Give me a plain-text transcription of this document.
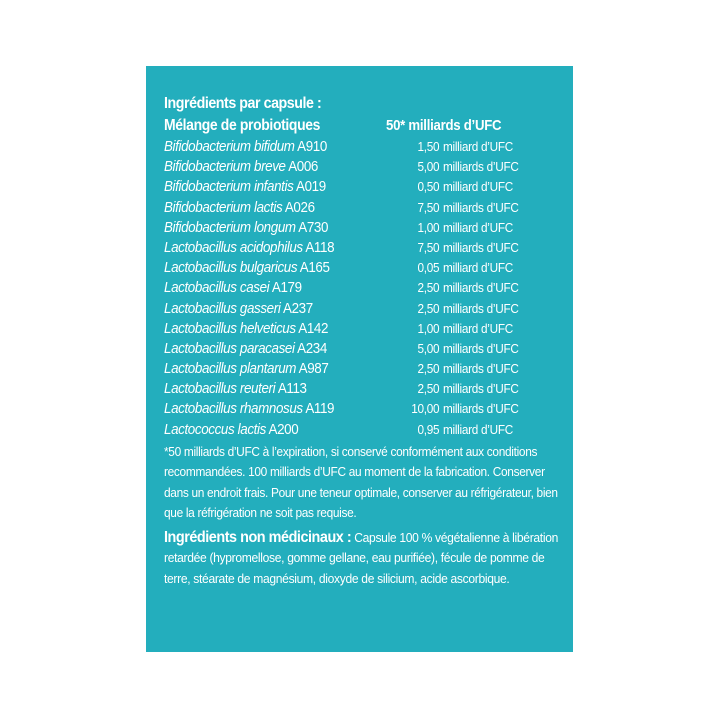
Ingrédients par capsule :
Mélange de probiotiques	50* milliards d’UFC
Bifidobacterium bifidum A910	1,50 milliard d’UFC
Bifidobacterium breve A006	5,00 milliards d’UFC
Bifidobacterium infantis A019	0,50 milliard d’UFC
Bifidobacterium lactis A026	7,50 milliards d’UFC
Bifidobacterium longum A730	1,00 milliard d’UFC
Lactobacillus acidophilus A118	7,50 milliards d’UFC
Lactobacillus bulgaricus A165	0,05 milliard d’UFC
Lactobacillus casei A179	2,50 milliards d’UFC
Lactobacillus gasseri A237	2,50 milliards d’UFC
Lactobacillus helveticus A142	1,00 milliard d’UFC
Lactobacillus paracasei A234	5,00 milliards d’UFC
Lactobacillus plantarum A987	2,50 milliards d’UFC
Lactobacillus reuteri A113	2,50 milliards d’UFC
Lactobacillus rhamnosus A119	10,00 milliards d’UFC
Lactococcus lactis A200	0,95 milliard d’UFC
*50 milliards d’UFC à l’expiration, si conservé conformément aux conditions recommandées. 100 milliards d’UFC au moment de la fabrication. Conserver dans un endroit frais. Pour une teneur optimale, conserver au réfrigérateur, bien que la réfrigération ne soit pas requise.
Ingrédients non médicinaux : Capsule 100 % végétalienne à libération retardée (hypromellose, gomme gellane, eau purifiée), fécule de pomme de terre, stéarate de magnésium, dioxyde de silicium, acide ascorbique.
